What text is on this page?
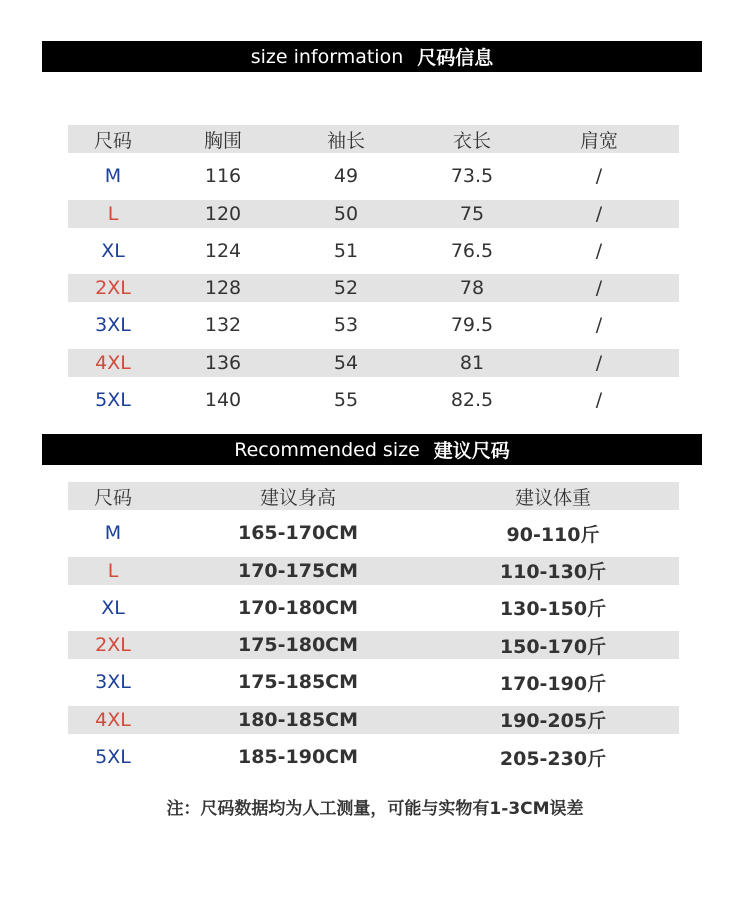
size information 尺码信息
尺码	胸围	袖长	衣长	肩宽
M	116	49	73.5	/
L	120	50	75	/
XL	124	51	76.5	/
2XL	128	52	78	/
3XL	132	53	79.5	/
4XL	136	54	81	/
5XL	140	55	82.5	/
Recommended size 建议尺码
尺码	建议身高	建议体重
M	165-170CM	90-110斤
L	170-175CM	110-130斤
XL	170-180CM	130-150斤
2XL	175-180CM	150-170斤
3XL	175-185CM	170-190斤
4XL	180-185CM	190-205斤
5XL	185-190CM	205-230斤
注：尺码数据均为人工测量，可能与实物有1-3CM误差
